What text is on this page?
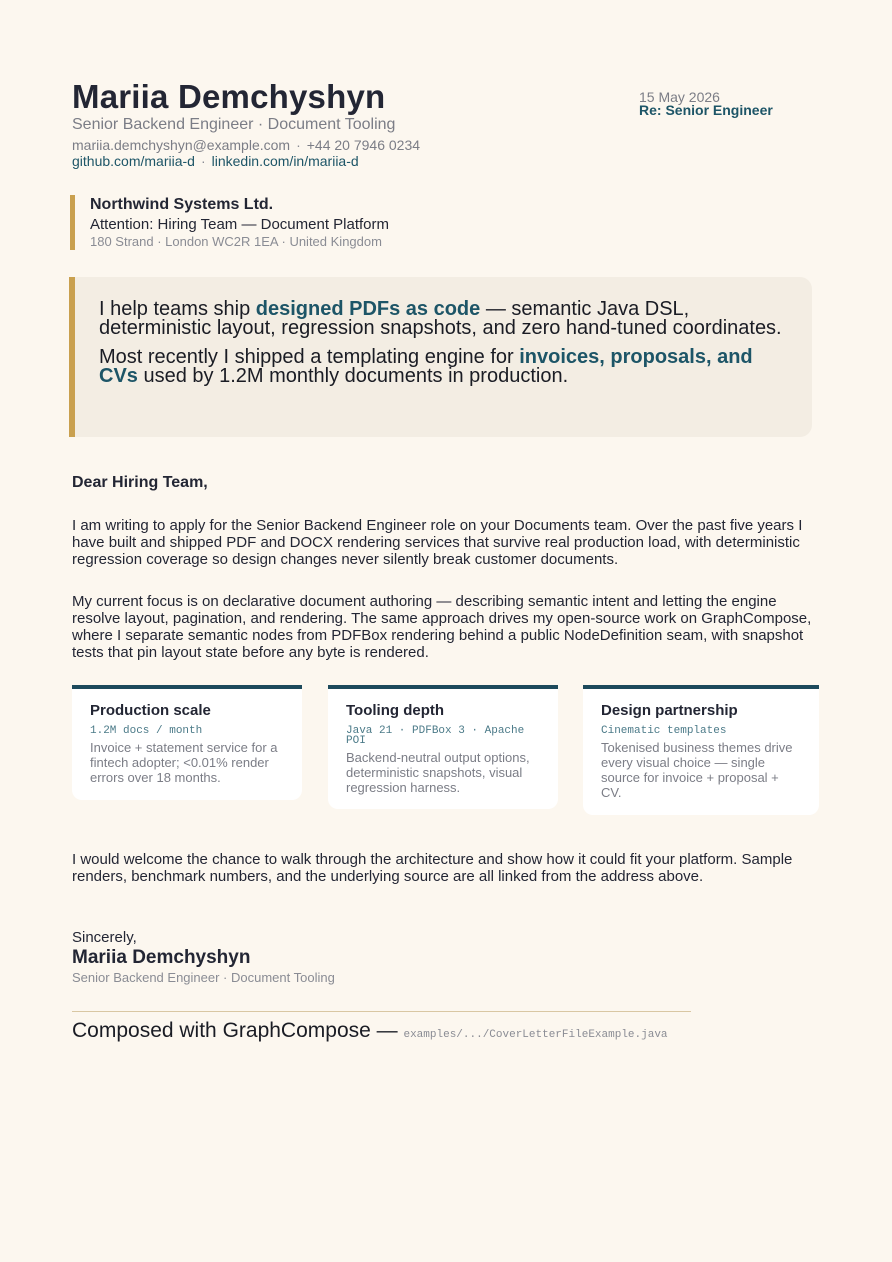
Mariia Demchyshyn
Senior Backend Engineer · Document Tooling
mariia.demchyshyn@example.com · +44 20 7946 0234
github.com/mariia-d · linkedin.com/in/mariia-d
15 May 2026
Re: Senior Engineer
Northwind Systems Ltd.
Attention: Hiring Team — Document Platform
180 Strand · London WC2R 1EA · United Kingdom

I help teams ship designed PDFs as code — semantic Java DSL, deterministic layout, regression snapshots, and zero hand-tuned coordinates.

Most recently I shipped a templating engine for invoices, proposals, and CVs used by 1.2M monthly documents in production.

Dear Hiring Team,

I am writing to apply for the Senior Backend Engineer role on your Documents team. Over the past five years I have built and shipped PDF and DOCX rendering services that survive real production load, with deterministic regression coverage so design changes never silently break customer documents.

My current focus is on declarative document authoring — describing semantic intent and letting the engine resolve layout, pagination, and rendering. The same approach drives my open-source work on GraphCompose, where I separate semantic nodes from PDFBox rendering behind a public NodeDefinition seam, with snapshot tests that pin layout state before any byte is rendered.

Production scale
1.2M docs / month
Invoice + statement service for a fintech adopter; <0.01% render errors over 18 months.
Tooling depth
Java 21 · PDFBox 3 · Apache POI
Backend-neutral output options, deterministic snapshots, visual regression harness.
Design partnership
Cinematic templates
Tokenised business themes drive every visual choice — single source for invoice + proposal + CV.

I would welcome the chance to walk through the architecture and show how it could fit your platform. Sample renders, benchmark numbers, and the underlying source are all linked from the address above.

Sincerely,
Mariia Demchyshyn
Senior Backend Engineer · Document Tooling
Composed with GraphCompose — examples/.../CoverLetterFileExample.java
